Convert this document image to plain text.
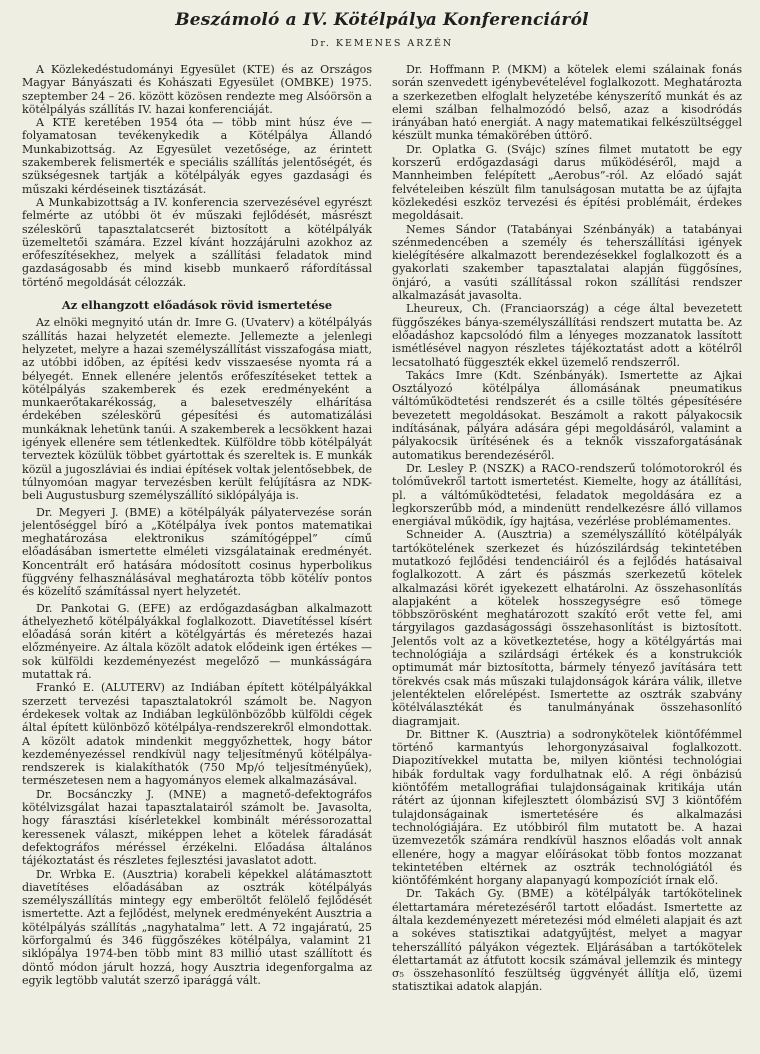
Beszámoló a IV. Kötélpálya Konferenciáról
Dr. KEMENES ARZÉN

A Közlekedéstudományi Egyesület (KTE) és az Országos Magyar Bányászati és Kohászati Egyesület (OMBKE) 1975. szeptember 24 – 26. között közösen rendezte meg Alsóörsön a kötélpályás szállítás IV. hazai konferenciáját.

A KTE keretében 1954 óta — több mint húsz éve — folyamatosan tevékenykedik a Kötélpálya Állandó Munkabizottság. Az Egyesület vezetősége, az érintett szakemberek felismerték e speciális szállítás jelentőségét, és szükségesnek tartják a kötélpályák egyes gazdasági és műszaki kérdéseinek tisztázását.

A Munkabizottság a IV. konferencia szervezésével egyrészt felmérte az utóbbi öt év műszaki fejlődését, másrészt széleskörű tapasztalatcserét biztosított a kötélpályák üzemeltetői számára. Ezzel kívánt hozzájárulni azokhoz az erőfeszítésekhez, melyek a szállítási feladatok mind gazdaságosabb és mind kisebb munkaerő ráfordítással történő megoldását célozzák.

Az elhangzott előadások rövid ismertetése

Az elnöki megnyitó után dr. Imre G. (Uvaterv) a kötélpályás szállítás hazai helyzetét elemezte. Jellemezte a jelenlegi helyzetet, melyre a hazai személyszállítást visszafogása miatt, az utóbbi időben, az építési kedv visszaesése nyomta rá a bélyegét. Ennek ellenére jelentős erőfeszítéseket tettek a kötélpályás szakemberek és ezek eredményeként a munkaerőtakarékosság, a balesetveszély elhárítása érdekében széleskörű gépesítési és automatizálási munkáknak lehetünk tanúi. A szakemberek a lecsökkent hazai igények ellenére sem tétlenkedtek. Külföldre több kötélpályát terveztek közülük többet gyártottak és szereltek is. E munkák közül a jugoszláviai és indiai építések voltak jelentősebbek, de túlnyomóan magyar tervezésben került felújításra az NDK-beli Augustusburg személyszállító siklópályája is.

Dr. Megyeri J. (BME) a kötélpályák pályatervezése során jelentőséggel bíró a „Kötélpálya ívek pontos matematikai meghatározása elektronikus számítógéppel” című előadásában ismertette elméleti vizsgálatainak eredményét. Koncentrált erő hatására módosított cosinus hyperbolikus függvény felhasználásával meghatározta több kötélív pontos és közelítő számítással nyert helyzetét.

Dr. Pankotai G. (EFE) az erdőgazdaságban alkalmazott áthelyezhető kötélpályákkal foglalkozott. Diavetítéssel kísért előadásá során kitért a kötélgyártás és méretezés hazai előzményeire. Az általa közölt adatok elődeink igen értékes — sok külföldi kezdeményezést megelőző — munkásságára mutattak rá.

Frankó E. (ALUTERV) az Indiában épített kötélpályákkal szerzett tervezési tapasztalatokról számolt be. Nagyon érdekesek voltak az Indiában legkülönbözőbb külföldi cégek által épített különböző kötélpálya-rendszerekről elmondottak. A közölt adatok mindenkit meggyőzhettek, hogy bátor kezdeményezéssel rendkívül nagy teljesítményű kötélpálya-rendszerek is kialakíthatók (750 Mp/ó teljesítményűek), természetesen nem a hagyományos elemek alkalmazásával.

Dr. Bocsánczky J. (MNE) a magnető-defektográfos kötélvizsgálat hazai tapasztalatairól számolt be. Javasolta, hogy fárasztási kísérletekkel kombinált méréssorozattal keressenek választ, miképpen lehet a kötelek fáradását defektográfos méréssel érzékelni. Előadása általános tájékoztatást és részletes fejlesztési javaslatot adott.

Dr. Wrbka E. (Ausztria) korabeli képekkel alátámasztott diavetítéses előadásában az osztrák kötélpályás személyszállítás mintegy egy emberöltőt felölelő fejlődését ismertette. Azt a fejlődést, melynek eredményeként Ausztria a kötélpályás szállítás „nagyhatalma” lett. A 72 ingajáratú, 25 körforgalmú és 346 függőszékes kötélpálya, valamint 21 siklópálya 1974-ben több mint 83 millió utast szállított és döntő módon járult hozzá, hogy Ausztria idegenforgalma az egyik legtöbb valutát szerző iparággá vált.

Dr. Hoffmann P. (MKM) a kötelek elemi szálainak fonás során szenvedett igénybevételével foglalkozott. Meghatározta a szerkezetben elfoglalt helyzetébe kényszerítő munkát és az elemi szálban felhalmozódó belső, azaz a kisodródás irányában ható energiát. A nagy matematikai felkészültséggel készült munka témakörében úttörő.

Dr. Oplatka G. (Svájc) színes filmet mutatott be egy korszerű erdőgazdasági darus működéséről, majd a Mannheimben felépített „Aerobus”-ról. Az előadó saját felvételeiben készült film tanulságosan mutatta be az újfajta közlekedési eszköz tervezési és építési problémáit, érdekes megoldásait.

Nemes Sándor (Tatabányai Szénbányák) a tatabányai szénmedencében a személy és teherszállítási igények kielégítésére alkalmazott berendezésekkel foglalkozott és a gyakorlati szakember tapasztalatai alapján függősínes, önjáró, a vasúti szállítással rokon szállítási rendszer alkalmazását javasolta.

Lheureux, Ch. (Franciaország) a cége által bevezetett függőszékes bánya-személyszállítási rendszert mutatta be. Az előadáshoz kapcsolódó film a lényeges mozzanatok lassított ismétlésével nagyon részletes tájékoztatást adott a kötélről lecsatolható függeszték ekkel üzemelő rendszerről.

Takács Imre (Kdt. Szénbányák). Ismertette az Ajkai Osztályozó kötélpálya állomásának pneumatikus váltóműködtetési rendszerét és a csille töltés gépesítésére bevezetett megoldásokat. Beszámolt a rakott pályakocsik indításának, pályára adására gépi megoldásáról, valamint a pályakocsik ürítésének és a teknők visszaforgatásának automatikus berendezéséről.

Dr. Lesley P. (NSZK) a RACO-rendszerű tolómotorokról és tolóművekről tartott ismertetést. Kiemelte, hogy az átállítási, pl. a váltóműködtetési, feladatok megoldására ez a legkorszerűbb mód, a mindenütt rendelkezésre álló villamos energiával működik, így hajtása, vezérlése problémamentes.

Schneider A. (Ausztria) a személyszállító kötélpályák tartókötelének szerkezet és húzószilárdság tekintetében mutatkozó fejlődési tendenciáiról és a fejlődés hatásaival foglalkozott. A zárt és pászmás szerkezetű kötelek alkalmazási körét igyekezett elhatárolni. Az összehasonlítás alapjaként a kötelek hosszegységre eső tömege többszörösként meghatározott szakító erőt vette fel, ami tárgyilagos gazdaságossági összehasonlítást is biztosított. Jelentős volt az a következtetése, hogy a kötélgyártás mai technológiája a szilárdsági értékek és a konstrukciók optimumát már biztosította, bármely tényező javítására tett törekvés csak más műszaki tulajdonságok kárára válik, illetve jelentéktelen előrelépést. Ismertette az osztrák szabvány kötélválasztékát és tanulmányának összehasonlító diagramjait.

Dr. Bittner K. (Ausztria) a sodronykötelek kiöntőfémmel történő karmantyús lehorgonyzásaival foglalkozott. Diapozitívekkel mutatta be, milyen kiöntési technológiai hibák fordultak vagy fordulhatnak elő. A régi önbázisú kiöntőfém metallográfiai tulajdonságainak kritikája után rátért az újonnan kifejlesztett ólombázisú SVJ 3 kiöntőfém tulajdonságainak ismertetésére és alkalmazási technológiájára. Ez utóbbiról film mutatott be. A hazai üzemvezetők számára rendkívül hasznos előadás volt annak ellenére, hogy a magyar előírásokat több fontos mozzanat tekintetében eltérnek az osztrák technológiától és kiöntőfémként horgany alapanyagú kompozíciót írnak elő.

Dr. Takách Gy. (BME) a kötélpályák tartókötelinek élettartamára méretezéséről tartott előadást. Ismertette az általa kezdeményezett méretezési mód elméleti alapjait és azt a sokéves statisztikai adatgyűjtést, melyet a magyar teherszállító pályákon végeztek. Eljárásában a tartókötelek élettartamát az átfutott kocsik számával jellemzik és mintegy σ₅ összehasonlító feszültség üggvényét állítja elő, üzemi statisztikai adatok alapján.
